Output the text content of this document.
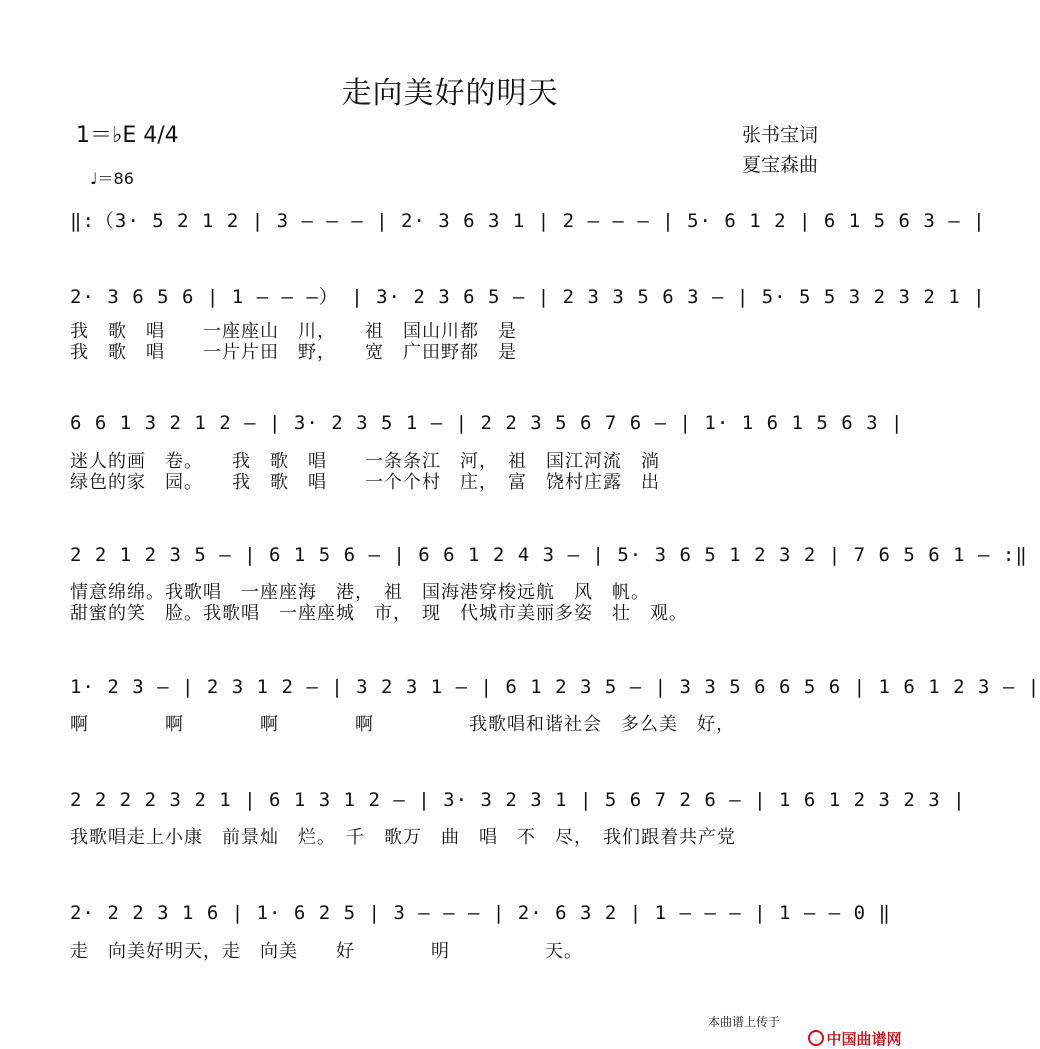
走向美好的明天
1＝♭E 4/4
♩＝86
张书宝词
夏宝森曲
‖:（3· 5 2 1 2 | 3 — — — | 2· 3 6 3 1 | 2 — — — | 5· 6 1 2 | 6 1 5 6 3 — |
2· 3 6 5 6 | 1 — — —） | 3· 2 3 6 5 — | 2 3 3 5 6 3 — | 5· 5 5 3 2 3 2 1 |
我　歌　唱　　一座座山　川，　　祖　国山川都　是
我　歌　唱　　一片片田　野，　　宽　广田野都　是
6 6 1 3 2 1 2 — | 3· 2 3 5 1 — | 2 2 3 5 6 7 6 — | 1· 1 6 1 5 6 3 |
迷人的画　卷。　　我　歌　唱　　一条条江　河，　祖　国江河流　淌
绿色的家　园。　　我　歌　唱　　一个个村　庄，　富　饶村庄露　出
2 2 1 2 3 5 — | 6 1 5 6 — | 6 6 1 2 4 3 — | 5· 3 6 5 1 2 3 2 | 7 6 5 6 1 — :‖
情意绵绵。我歌唱　一座座海　港，　祖　国海港穿梭远航　风　帆。
甜蜜的笑　脸。我歌唱　一座座城　市，　现　代城市美丽多姿　壮　观。
1· 2 3 — | 2 3 1 2 — | 3 2 3 1 — | 6 1 2 3 5 — | 3 3 5 6 6 5 6 | 1 6 1 2 3 — |
啊　　　　啊　　　　啊　　　　啊　　　　　我歌唱和谐社会　多么美　好，
2 2 2 2 3 2 1 | 6 1 3 1 2 — | 3· 3 2 3 1 | 5 6 7 2 6 — | 1 6 1 2 3 2 3 |
我歌唱走上小康　前景灿　烂。　千　歌万　曲　唱　不　尽，　我们跟着共产党
2· 2 2 3 1 6 | 1· 6 2 5 | 3 — — — | 2· 6 3 2 | 1 — — — | 1 — — 0 ‖
走　向美好明天，走　向美　　好　　　　明　　　　　天。
本曲谱上传于

中国曲谱网
